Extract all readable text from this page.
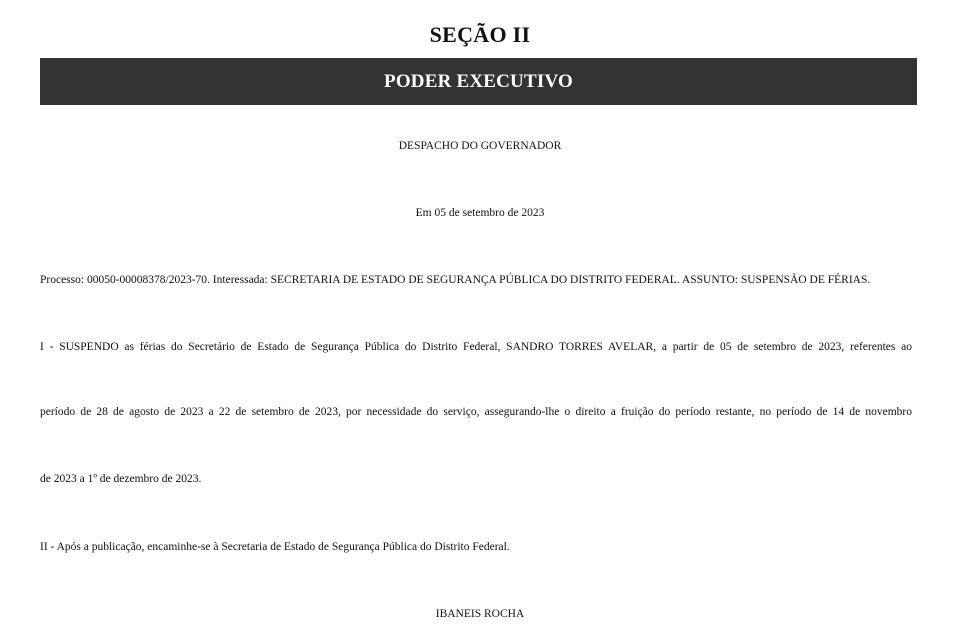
SEÇÃO II
PODER EXECUTIVO
DESPACHO DO GOVERNADOR
Em 05 de setembro de 2023
Processo: 00050-00008378/2023-70. Interessada: SECRETARIA DE ESTADO DE SEGURANÇA PÚBLICA DO DISTRITO FEDERAL. ASSUNTO: SUSPENSÃO DE FÉRIAS.
I - SUSPENDO as férias do Secretário de Estado de Segurança Pública do Distrito Federal, SANDRO TORRES AVELAR, a partir de 05 de setembro de 2023, referentes ao
período de 28 de agosto de 2023 a 22 de setembro de 2023, por necessidade do serviço, assegurando-lhe o direito a fruição do período restante, no período de 14 de novembro
de 2023 a 1º de dezembro de 2023.
II - Após a publicação, encaminhe-se à Secretaria de Estado de Segurança Pública do Distrito Federal.
IBANEIS ROCHA
